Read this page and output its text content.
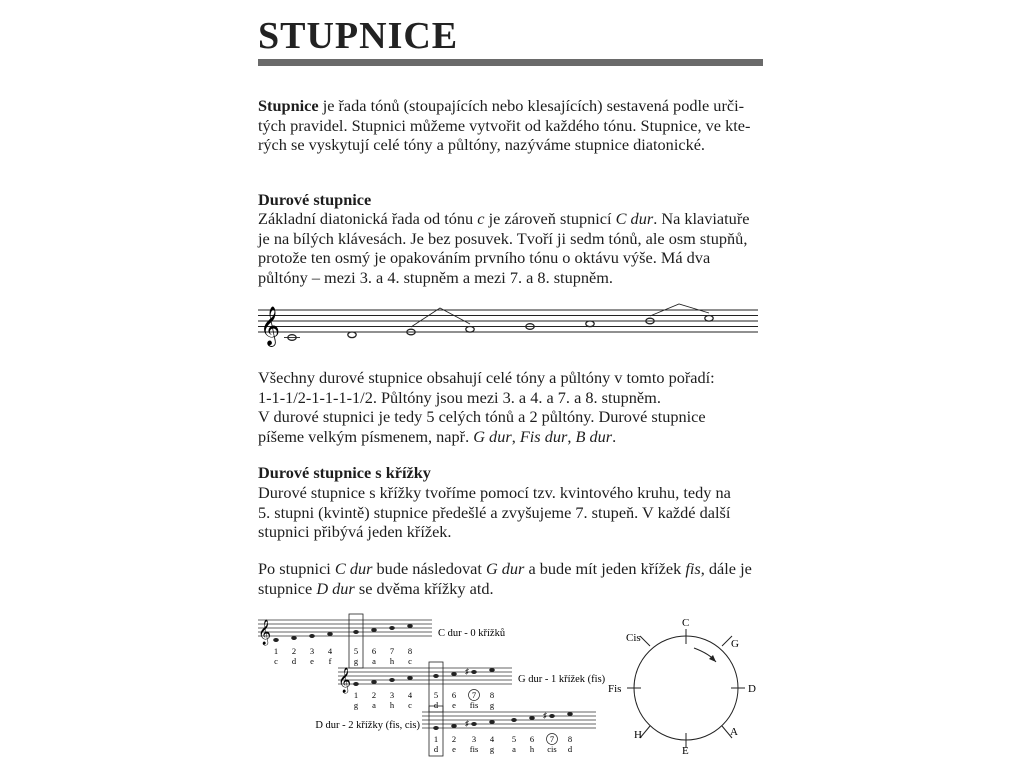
STUPNICE

Stupnice je řada tónů (stoupajících nebo klesajících) sestavená podle urči-
tých pravidel. Stupnici můžeme vytvořit od každého tónu. Stupnice, ve kte-
rých se vyskytují celé tóny a půltóny, nazýváme stupnice diatonické.

Durové stupnice

Základní diatonická řada od tónu c je zároveň stupnicí C dur. Na klaviatuře
je na bílých klávesách. Je bez posuvek. Tvoří ji sedm tónů, ale osm stupňů,
protože ten osmý je opakováním prvního tónu o oktávu výše. Má dva
půltóny – mezi 3. a 4. stupněm a mezi 7. a 8. stupněm.

𝄞

Všechny durové stupnice obsahují celé tóny a půltóny v tomto pořadí:
1-1-1/2-1-1-1-1/2. Půltóny jsou mezi 3. a 4. a 7. a 8. stupněm.
V durové stupnici je tedy 5 celých tónů a 2 půltóny. Durové stupnice
píšeme velkým písmenem, např. G dur, Fis dur, B dur.

Durové stupnice s křížky

Durové stupnice s křížky tvoříme pomocí tzv. kvintového kruhu, tedy na
5. stupni (kvintě) stupnice předešlé a zvyšujeme 7. stupeň. V každé další
stupnici přibývá jeden křížek.

Po stupnici C dur bude následovat G dur a bude mít jeden křížek fis, dále je
stupnice D dur se dvěma křížky atd.

𝄞	C dur - 0 křížků
1 2 3 4	5 6 7 8
c d e f	g a h c
𝄞	♯
G dur - 1 křížek (fis)
1 2 3 4	5 6 7 8
g a h c	d e fis g
D dur - 2 křížky (fis, cis)	♯
♯
1 2 3 4 5 6 7 8
d e fis g a h cis d
C
G
D
A
E
H
Fis
Cis
